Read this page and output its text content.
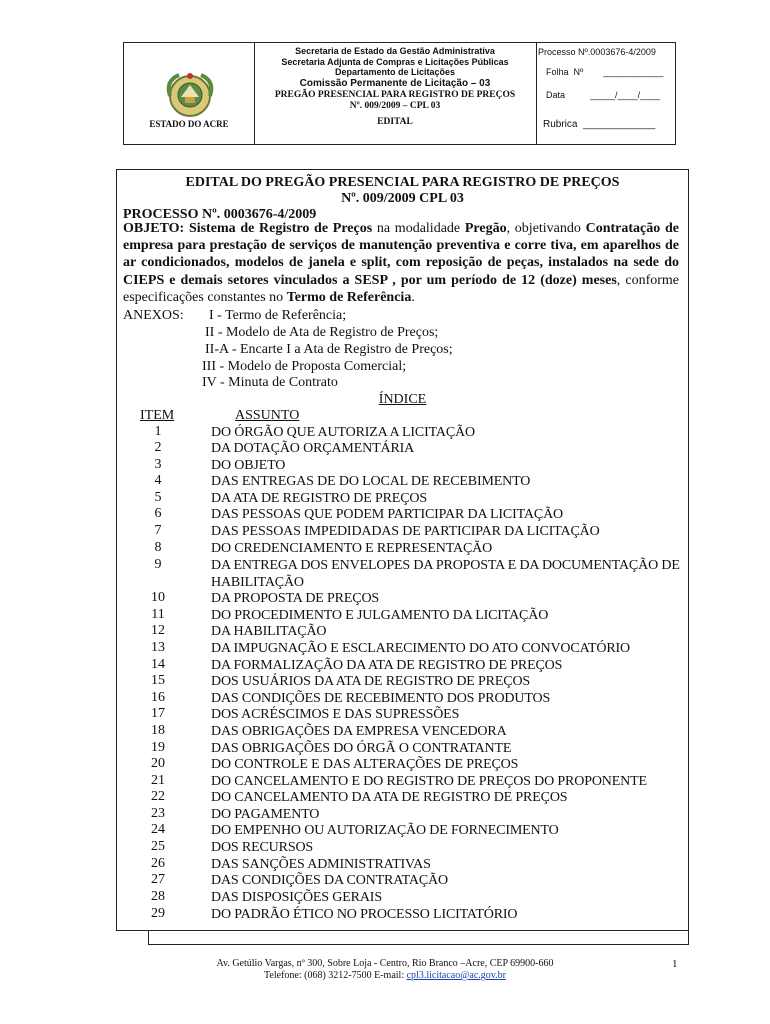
ESTADO DO ACRE
Secretaria de Estado da Gestão Administrativa
Secretaria Adjunta de Compras e Licitações Públicas
Departamento de Licitações
Comissão Permanente de Licitação – 03
PREGÃO PRESENCIAL PARA REGISTRO DE PREÇOS
Nº. 009/2009 – CPL 03
EDITAL
Processo Nº.0003676-4/2009
Folha  Nº        ____________
Data          _____/____/____
Rubrica  _____________
EDITAL DO PREGÃO PRESENCIAL PARA REGISTRO DE PREÇOS
Nº. 009/2009 CPL 03
PROCESSO Nº. 0003676-4/2009
OBJETO: Sistema de Registro de Preços na modalidade Pregão, objetivando Contratação de empresa para prestação de serviços de manutenção preventiva e corre tiva, em aparelhos de ar condicionados, modelos de janela e split, com reposição de peças, instalados na sede do CIEPS e demais setores vinculados a SESP , por um período de 12 (doze) meses, conforme especificações constantes no Termo de Referência.
ANEXOS: I - Termo de Referência;
II - Modelo de Ata de Registro de Preços;
II-A - Encarte I a Ata de Registro de Preços;
III - Modelo de Proposta Comercial;
IV - Minuta de Contrato
ÍNDICE
ITEM	ASSUNTO
1	DO ÓRGÃO QUE AUTORIZA A LICITAÇÃO
2	DA DOTAÇÃO ORÇAMENTÁRIA
3	DO OBJETO
4	DAS ENTREGAS DE DO LOCAL DE RECEBIMENTO
5	DA ATA DE REGISTRO DE PREÇOS
6	DAS PESSOAS QUE PODEM PARTICIPAR DA LICITAÇÃO
7	DAS PESSOAS IMPEDIDADAS DE PARTICIPAR DA LICITAÇÃO
8	DO CREDENCIAMENTO E REPRESENTAÇÃO
9	DA ENTREGA DOS ENVELOPES DA PROPOSTA E DA DOCUMENTAÇÃO DE HABILITAÇÃO
10	DA PROPOSTA DE PREÇOS
11	DO PROCEDIMENTO E JULGAMENTO DA LICITAÇÃO
12	DA HABILITAÇÃO
13	DA IMPUGNAÇÃO E ESCLARECIMENTO DO ATO CONVOCATÓRIO
14	DA FORMALIZAÇÃO DA ATA DE REGISTRO DE PREÇOS
15	DOS USUÁRIOS DA ATA DE REGISTRO DE PREÇOS
16	DAS CONDIÇÕES DE RECEBIMENTO DOS PRODUTOS
17	DOS ACRÉSCIMOS E DAS SUPRESSÕES
18	DAS OBRIGAÇÕES DA EMPRESA VENCEDORA
19	DAS OBRIGAÇÕES DO ÓRGÃ O CONTRATANTE
20	DO CONTROLE E DAS ALTERAÇÕES DE PREÇOS
21	DO CANCELAMENTO E DO REGISTRO DE PREÇOS DO PROPONENTE
22	DO CANCELAMENTO DA ATA DE REGISTRO DE PREÇOS
23	DO PAGAMENTO
24	DO EMPENHO OU AUTORIZAÇÃO DE FORNECIMENTO
25	DOS RECURSOS
26	DAS SANÇÕES ADMINISTRATIVAS
27	DAS CONDIÇÕES DA CONTRATAÇÃO
28	DAS DISPOSIÇÕES GERAIS
29	DO PADRÃO ÉTICO NO PROCESSO LICITATÓRIO
Av. Getúlio Vargas, nº 300, Sobre Loja - Centro, Rio Branco –Acre, CEP 69900-660
Telefone: (068) 3212-7500 E-mail: cpl3.licitacao@ac.gov.br
1
